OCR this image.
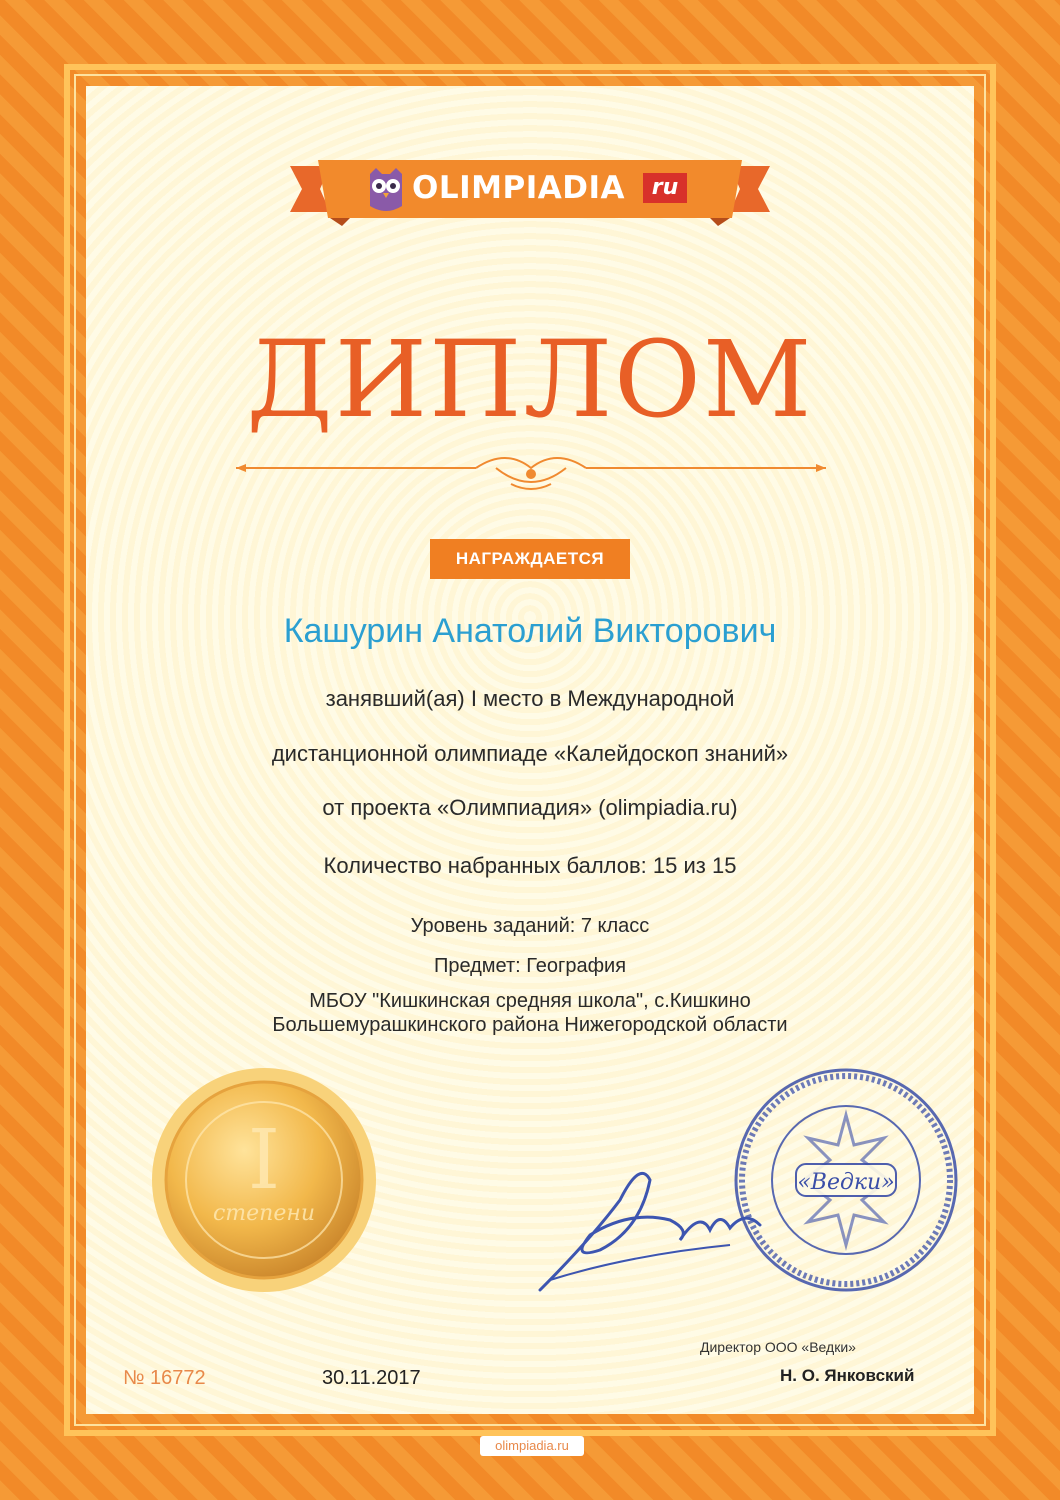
OLIMPIADIA	ru
ДИПЛОМ
НАГРАЖДАЕТСЯ
Кашурин Анатолий Викторович
занявший(ая) I место в Международной
дистанционной олимпиаде «Калейдоскоп знаний»
от проекта «Олимпиадия» (olimpiadia.ru)
Количество набранных баллов: 15 из 15
Уровень заданий: 7 класс
Предмет: География
МБОУ "Кишкинская средняя школа", с.Кишкино
Большемурашкинского района Нижегородской области
I
степени
«Ведки»
№ 16772	30.11.2017
Директор ООО «Ведки»
Н. О. Янковский
olimpiadia.ru
